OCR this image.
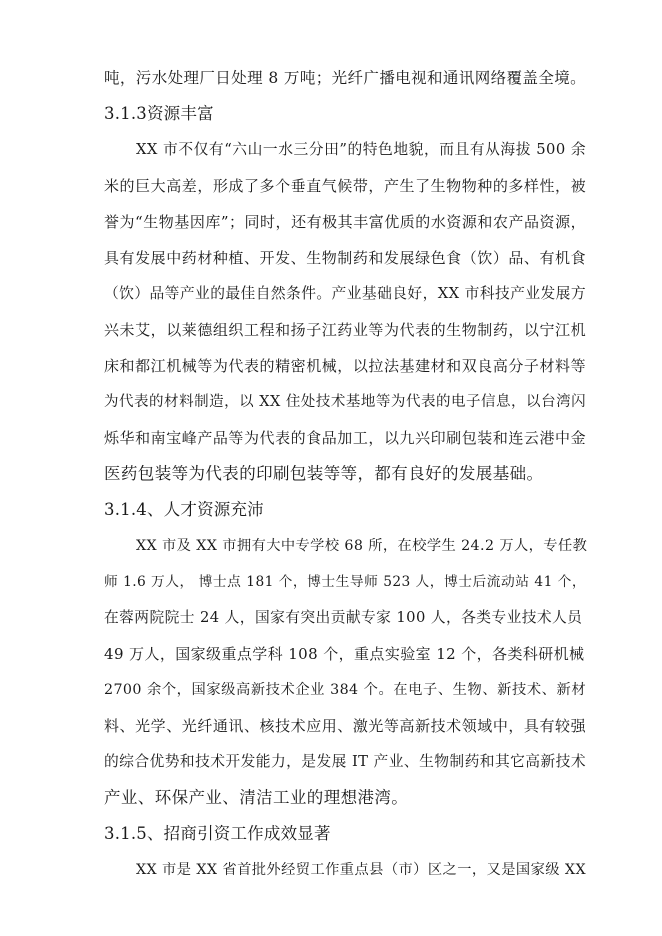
吨，污水处理厂日处理 8 万吨；光纤广播电视和通讯网络覆盖全境。
3.1.3资源丰富
XX 市不仅有“六山一水三分田”的特色地貌，而且有从海拔 500 余
米的巨大高差，形成了多个垂直气候带，产生了生物物种的多样性，被
誉为“生物基因库”；同时，还有极其丰富优质的水资源和农产品资源，
具有发展中药材种植、开发、生物制药和发展绿色食（饮）品、有机食
（饮）品等产业的最佳自然条件。产业基础良好，XX 市科技产业发展方
兴未艾，以莱德组织工程和扬子江药业等为代表的生物制药，以宁江机
床和都江机械等为代表的精密机械，以拉法基建材和双良高分子材料等
为代表的材料制造，以 XX 住处技术基地等为代表的电子信息，以台湾闪
烁华和南宝峰产品等为代表的食品加工，以九兴印刷包装和连云港中金
医药包装等为代表的印刷包装等等，都有良好的发展基础。
3.1.4、人才资源充沛
XX 市及 XX 市拥有大中专学校 68 所，在校学生 24.2 万人，专任教
师 1.6 万人， 博士点 181 个，博士生导师 523 人，博士后流动站 41 个，
在蓉两院院士 24 人，国家有突出贡献专家 100 人，各类专业技术人员
49 万人，国家级重点学科 108 个，重点实验室 12 个，各类科研机械
2700 余个，国家级高新技术企业 384 个。在电子、生物、新技术、新材
料、光学、光纤通讯、核技术应用、激光等高新技术领域中，具有较强
的综合优势和技术开发能力，是发展 IT 产业、生物制药和其它高新技术
产业、环保产业、清洁工业的理想港湾。
3.1.5、招商引资工作成效显著
XX 市是 XX 省首批外经贸工作重点县（市）区之一，又是国家级 XX
